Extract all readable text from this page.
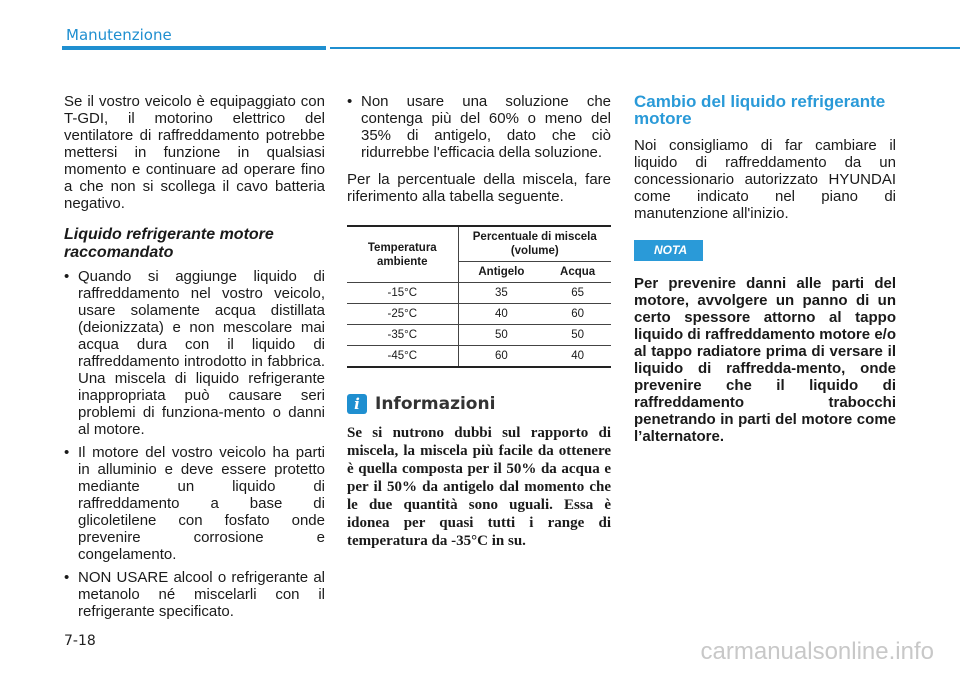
Manutenzione

Se il vostro veicolo è equipaggiato con T-GDI, il motorino elettrico del ventilatore di raffreddamento potrebbe mettersi in funzione in qualsiasi momento e continuare ad operare fino a che non si scollega il cavo batteria negativo.

Liquido refrigerante motore raccomandato
• Quando si aggiunge liquido di raffreddamento nel vostro veicolo, usare solamente acqua distillata (deionizzata) e non mescolare mai acqua dura con il liquido di raffreddamento introdotto in fabbrica. Una miscela di liquido refrigerante inappropriata può causare seri problemi di funziona-mento o danni al motore.
• Il motore del vostro veicolo ha parti in alluminio e deve essere protetto mediante un liquido di raffreddamento a base di glicoletilene con fosfato onde prevenire corrosione e congelamento.
• NON USARE alcool o refrigerante al metanolo né miscelarli con il refrigerante specificato.
• Non usare una soluzione che contenga più del 60% o meno del 35% di antigelo, dato che ciò ridurrebbe l'efficacia della soluzione.

Per la percentuale della miscela, fare riferimento alla tabella seguente.

Temperatura ambiente	Percentuale di miscela (volume)	
	Antigelo	Acqua
-15°C	35	65
-25°C	40	60
-35°C	50	50
-45°C	60	40
i Informazioni

Se si nutrono dubbi sul rapporto di miscela, la miscela più facile da ottenere è quella composta per il 50% da acqua e per il 50% da antigelo dal momento che le due quantità sono uguali. Essa è idonea per quasi tutti i range di temperatura da -35°C in su.

Cambio del liquido refrigerante motore

Noi consigliamo di far cambiare il liquido di raffreddamento da un concessionario autorizzato HYUNDAI come indicato nel piano di manutenzione all'inizio.

NOTA

Per prevenire danni alle parti del motore, avvolgere un panno di un certo spessore attorno al tappo liquido di raffreddamento motore e/o al tappo radiatore prima di versare il liquido di raffredda-mento, onde prevenire che il liquido di raffreddamento trabocchi penetrando in parti del motore come l’alternatore.

7-18	carmanualsonline.info
